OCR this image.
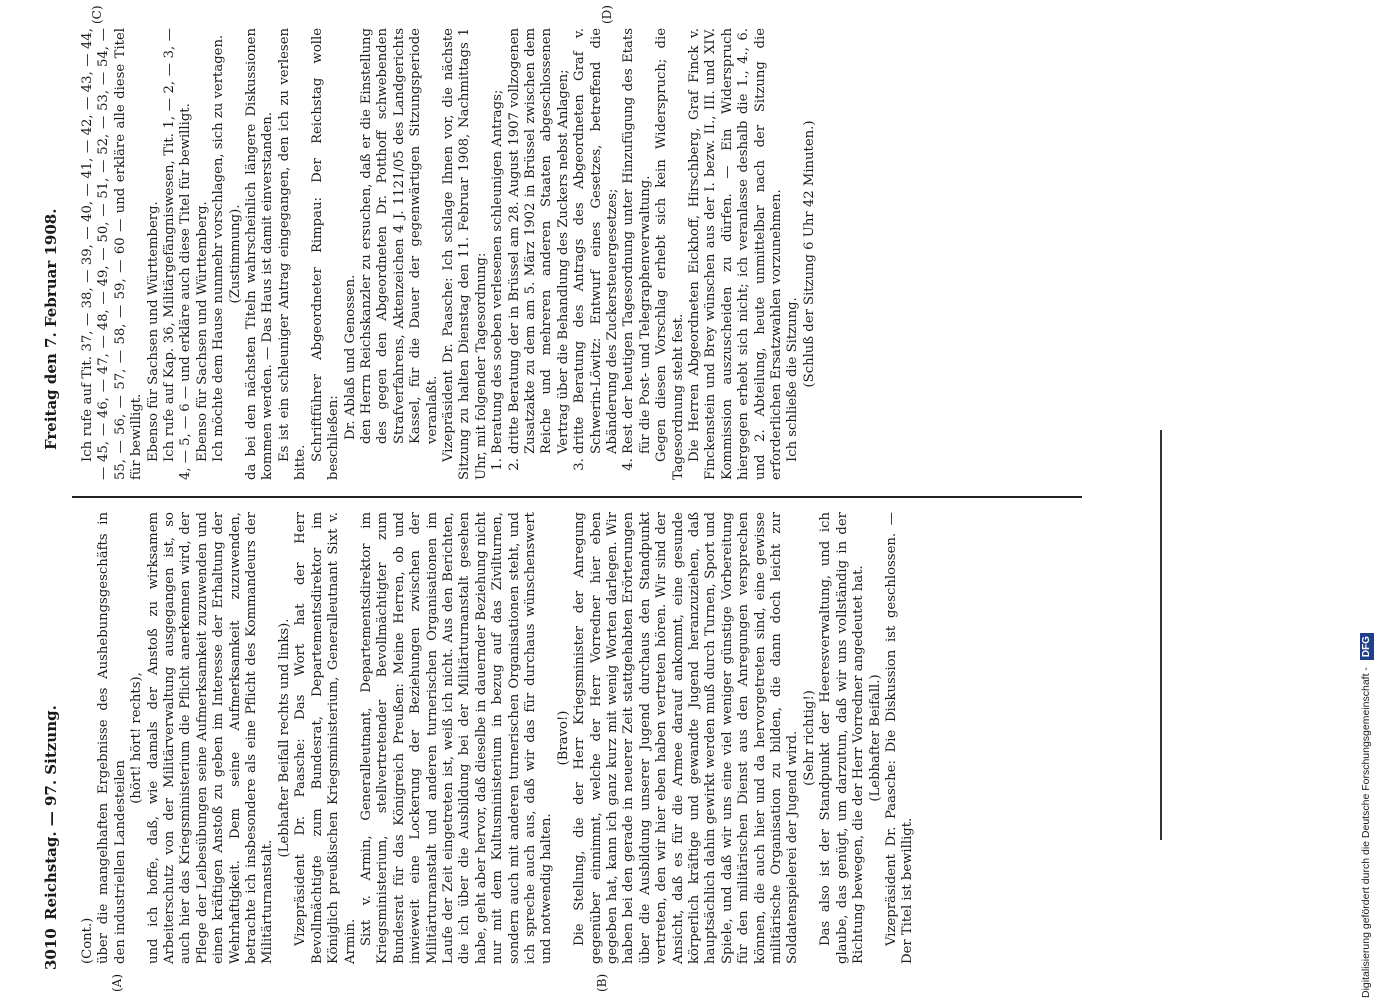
3010
Reichstag. — 97. Sitzung.
Freitag den 7. Februar 1908.
(A)	(B)
(C)	(D)

(Cont.) über die mangelhaften Ergebnisse des Aushebungsgeschäfts in den industriellen Landesteilen

(hört! hört! rechts), und ich hoffe, daß, wie damals der Anstoß zu wirksamem Arbeiterschutz von der Militärverwaltung ausgegangen ist, so auch hier das Kriegsministerium die Pflicht anerkennen wird, der Pflege der Leibesübungen seine Aufmerksamkeit zuzuwenden und einen kräftigen Anstoß zu geben im Interesse der Erhaltung der Wehrhaftigkeit. Dem seine Aufmerksamkeit zuzuwenden, betrachte ich insbesondere als eine Pflicht des Kommandeurs der Militärturnanstalt.

(Lebhafter Beifall rechts und links). Vizepräsident Dr. Paasche: Das Wort hat der Herr Bevollmächtigte zum Bundesrat, Departementsdirektor im Königlich preußischen Kriegsministerium, Generalleutnant Sixt v. Armin. Sixt v. Armin, Generalleutnant, Departementsdirektor im Kriegsministerium, stellvertretender Bevollmächtigter zum Bundesrat für das Königreich Preußen: Meine Herren, ob und inwieweit eine Lockerung der Beziehungen zwischen der Militärturnanstalt und anderen turnerischen Organisationen im Laufe der Zeit eingetreten ist, weiß ich nicht. Aus den Berichten, die ich über die Ausbildung bei der Militärturnanstalt gesehen habe, geht aber hervor, daß dieselbe in dauernder Beziehung nicht nur mit dem Kultusministerium in bezug auf das Zivilturnen, sondern auch mit anderen turnerischen Organisationen steht, und ich spreche auch aus, daß wir das für durchaus wünschenswert und notwendig halten.

(Bravo!) Die Stellung, die der Herr Kriegsminister der Anregung gegenüber einnimmt, welche der Herr Vorredner hier eben gegeben hat, kann ich ganz kurz mit wenig Worten darlegen. Wir haben bei den gerade in neuerer Zeit stattgehabten Erörterungen über die Ausbildung unserer Jugend durchaus den Standpunkt vertreten, den wir hier eben haben vertreten hören. Wir sind der Ansicht, daß es für die Armee darauf ankommt, eine gesunde körperlich kräftige und gewandte Jugend heranzuziehen, daß hauptsächlich dahin gewirkt werden muß durch Turnen, Sport und Spiele, und daß wir uns eine viel weniger günstige Vorbereitung für den militärischen Dienst aus den Anregungen versprechen können, die auch hier und da hervorgetreten sind, eine gewisse militärische Organisation zu bilden, die dann doch leicht zur Soldatenspielerei der Jugend wird. (Sehr richtig!) Das also ist der Standpunkt der Heeresverwaltung, und ich glaube, das genügt, um darzutun, daß wir uns vollständig in der Richtung bewegen, die der Herr Vorredner angedeutet hat. (Lebhafter Beifall.) Vizepräsident Dr. Paasche: Die Diskussion ist geschlossen. — Der Titel ist bewilligt.

Ich rufe auf Tit. 37, — 38, — 39, — 40, — 41, — 42, — 43, — 44, — 45, — 46, — 47, — 48, — 49, — 50, — 51, — 52, — 53, — 54, — 55, — 56, — 57, — 58, — 59, — 60 — und erkläre alle diese Titel für bewilligt. Ebenso für Sachsen und Württemberg. Ich rufe auf Kap. 36, Militärgefängniswesen, Tit. 1, — 2, — 3, — 4, — 5, — 6 — und erkläre auch diese Titel für bewilligt. Ebenso für Sachsen und Württemberg. Ich möchte dem Hause nunmehr vorschlagen, sich zu vertagen. (Zustimmung). da bei den nächsten Titeln wahrscheinlich längere Diskussionen kommen werden. — Das Haus ist damit einverstanden. Es ist ein schleuniger Antrag eingegangen, den ich zu verlesen bitte.

Schriftführer Abgeordneter Rimpau: Der Reichstag wolle beschließen: Dr. Ablaß und Genossen. den Herrn Reichskanzler zu ersuchen, daß er die Einstellung des gegen den Abgeordneten Dr. Potthoff schwebenden Strafverfahrens, Aktenzeichen 4 J. 1121/05 des Landgerichts Kassel, für die Dauer der gegenwärtigen Sitzungsperiode veranlaßt. Vizepräsident Dr. Paasche: Ich schlage Ihnen vor, die nächste Sitzung zu halten Dienstag den 11. Februar 1908, Nachmittags 1 Uhr, mit folgender Tagesordnung: 1. Beratung des soeben verlesenen schleunigen Antrags; 2. dritte Beratung der in Brüssel am 28. August 1907 vollzogenen Zusatzakte zu dem am 5. März 1902 in Brüssel zwischen dem Reiche und mehreren anderen Staaten abgeschlossenen Vertrag über die Behandlung des Zuckers nebst Anlagen; 3. dritte Beratung des Antrags des Abgeordneten Graf v. Schwerin-Löwitz: Entwurf eines Gesetzes, betreffend die Abänderung des Zuckersteuergesetzes; 4. Rest der heutigen Tagesordnung unter Hinzufügung des Etats für die Post- und Telegraphenverwaltung. Gegen diesen Vorschlag erhebt sich kein Widerspruch; die Tagesordnung steht fest. Die Herren Abgeordneten Eickhoff, Hirschberg, Graf Finck v. Finckenstein und Brey wünschen aus der I. bezw. II., III. und XIV. Kommission auszuscheiden zu dürfen. — Ein Widerspruch hiergegen erhebt sich nicht; ich veranlasse deshalb die 1., 4., 6. und 2. Abteilung, heute unmittelbar nach der Sitzung die erforderlichen Ersatzwahlen vorzunehmen. Ich schließe die Sitzung. (Schluß der Sitzung 6 Uhr 42 Minuten.)

Digitalisierung gefördert durch die Deutsche Forschungsgemeinschaft - DFG
